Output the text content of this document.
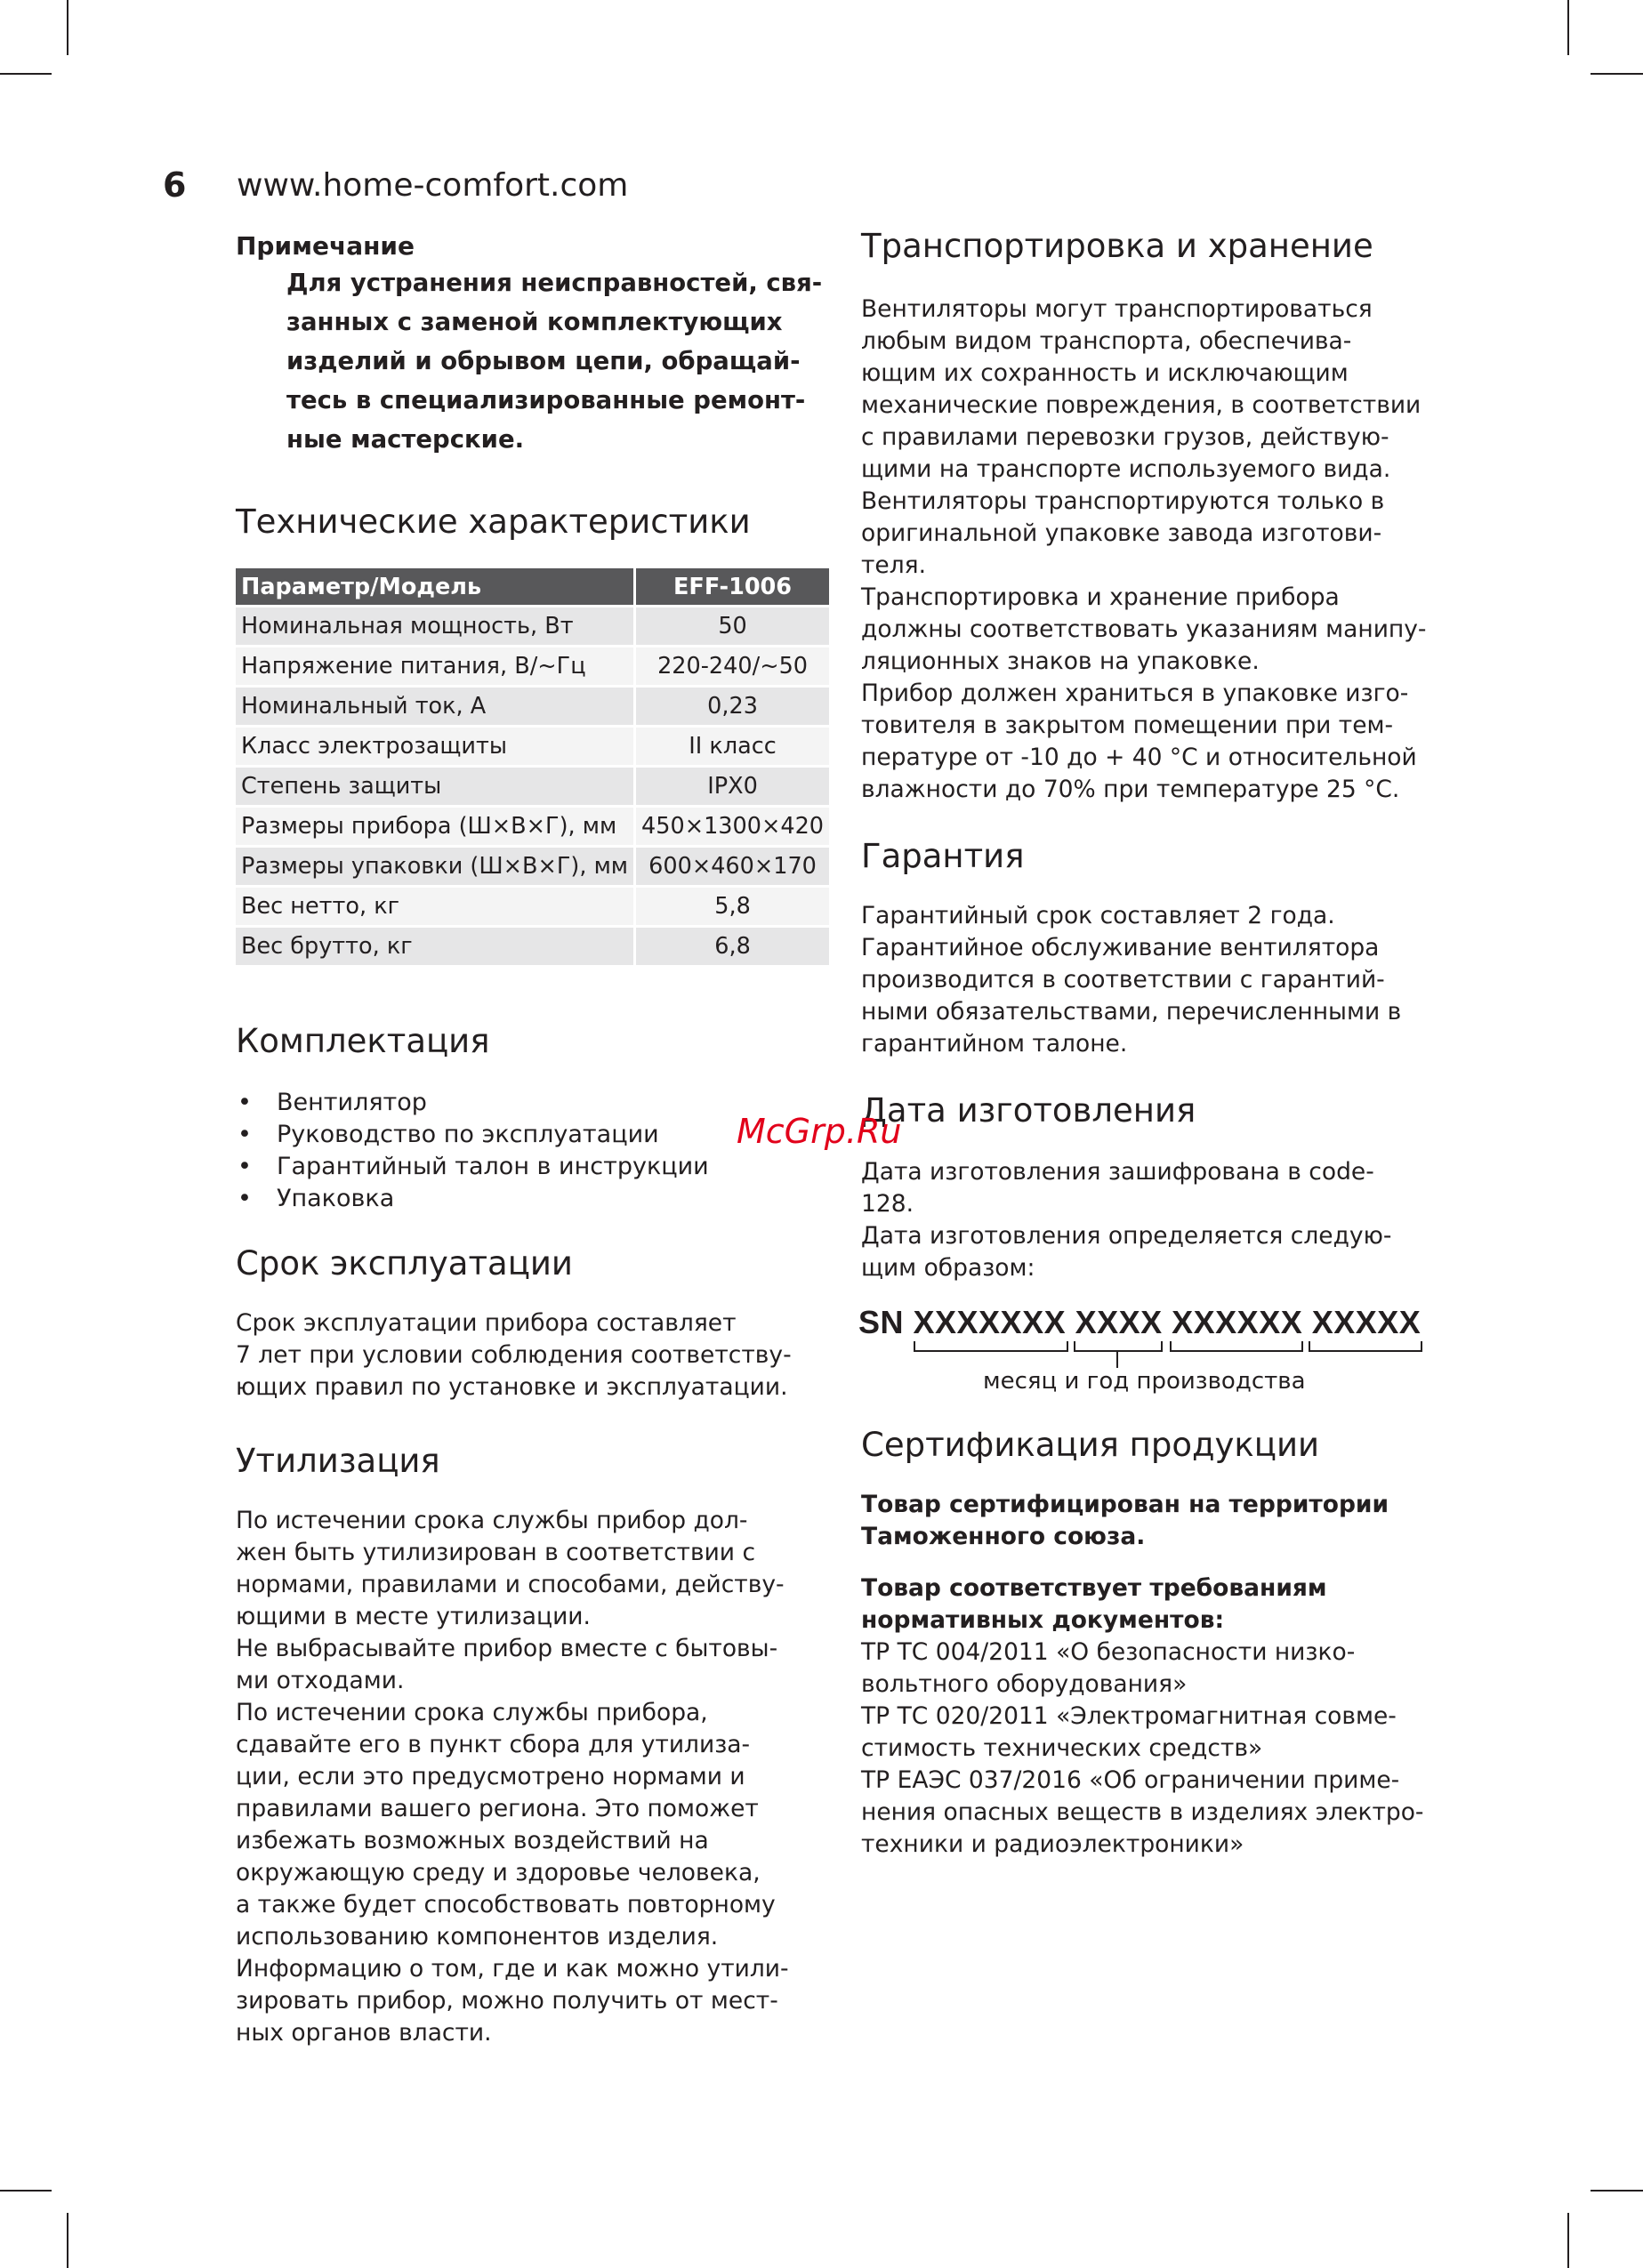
6 www.home-comfort.com
Примечание

Для устранения неисправностей, свя-
занных с заменой комплектующих
изделий и обрывом цепи, обращай-
тесь в специализированные ремонт-
ные мастерские.

Технические характеристики
Параметр/Модель	EFF-1006
Номинальная мощность, Вт	50
Напряжение питания, В/~Гц	220-240/~50
Номинальный ток, А	0,23
Класс электрозащиты	II класс
Степень защиты	IPX0
Размеры прибора (Ш×В×Г), мм	450×1300×420
Размеры упаковки (Ш×В×Г), мм	600×460×170
Вес нетто, кг	5,8
Вес брутто, кг	6,8
Комплектация
• Вентилятор
• Руководство по эксплуатации
• Гарантийный талон в инструкции
• Упаковка
Срок эксплуатации

Срок эксплуатации прибора составляет
7 лет при условии соблюдения соответству-
ющих правил по установке и эксплуатации.

Утилизация

По истечении срока службы прибор дол-
жен быть утилизирован в соответствии с
нормами, правилами и способами, действу-
ющими в месте утилизации.
Не выбрасывайте прибор вместе с бытовы-
ми отходами.
По истечении срока службы прибора,
сдавайте его в пункт сбора для утилиза-
ции, если это предусмотрено нормами и
правилами вашего региона. Это поможет
избежать возможных воздействий на
окружающую среду и здоровье человека,
а также будет способствовать повторному
использованию компонентов изделия.
Информацию о том, где и как можно утили-
зировать прибор, можно получить от мест-
ных органов власти.

Транспортировка и хранение

Вентиляторы могут транспортироваться
любым видом транспорта, обеспечива-
ющим их сохранность и исключающим
механические повреждения, в соответствии
с правилами перевозки грузов, действую-
щими на транспорте используемого вида.
Вентиляторы транспортируются только в
оригинальной упаковке завода изготови-
теля.
Транспортировка и хранение прибора
должны соответствовать указаниям манипу-
ляционных знаков на упаковке.
Прибор должен храниться в упаковке изго-
товителя в закрытом помещении при тем-
пературе от -10 до + 40 °С и относительной
влажности до 70% при температуре 25 °С.

Гарантия

Гарантийный срок составляет 2 года.
Гарантийное обслуживание вентилятора
производится в соответствии с гарантий-
ными обязательствами, перечисленными в
гарантийном талоне.

Дата изготовления

Дата изготовления зашифрована в code-
128.
Дата изготовления определяется следую-
щим образом:

SN XXXXXXX XXXX XXXXXX XXXXX
месяц и год производства
Сертификация продукции

Товар сертифицирован на территории
Таможенного союза.

Товар соответствует требованиям
нормативных документов:

ТР ТС 004/2011 «О безопасности низко-
вольтного оборудования»
ТР ТС 020/2011 «Электромагнитная совме-
стимость технических средств»
ТР ЕАЭС 037/2016 «Об ограничении приме-
нения опасных веществ в изделиях электро-
техники и радиоэлектроники»

McGrp.Ru
